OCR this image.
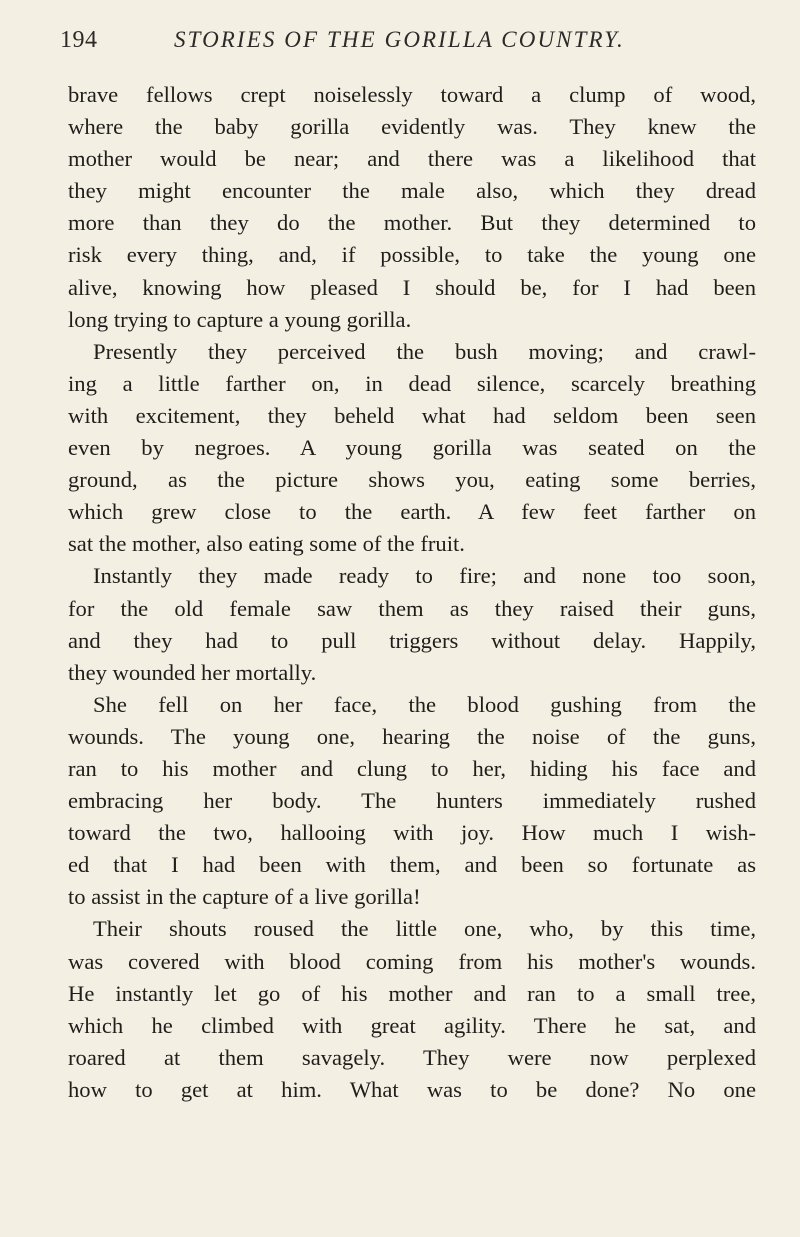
194	STORIES OF THE GORILLA COUNTRY.
brave fellows crept noiselessly toward a clump of wood,
where the baby gorilla evidently was. They knew the
mother would be near; and there was a likelihood that
they might encounter the male also, which they dread
more than they do the mother. But they determined to
risk every thing, and, if possible, to take the young one
alive, knowing how pleased I should be, for I had been
long trying to capture a young gorilla.
Presently they perceived the bush moving; and crawl-
ing a little farther on, in dead silence, scarcely breathing
with excitement, they beheld what had seldom been seen
even by negroes. A young gorilla was seated on the
ground, as the picture shows you, eating some berries,
which grew close to the earth. A few feet farther on
sat the mother, also eating some of the fruit.
Instantly they made ready to fire; and none too soon,
for the old female saw them as they raised their guns,
and they had to pull triggers without delay. Happily,
they wounded her mortally.
She fell on her face, the blood gushing from the
wounds. The young one, hearing the noise of the guns,
ran to his mother and clung to her, hiding his face and
embracing her body. The hunters immediately rushed
toward the two, hallooing with joy. How much I wish-
ed that I had been with them, and been so fortunate as
to assist in the capture of a live gorilla!
Their shouts roused the little one, who, by this time,
was covered with blood coming from his mother's wounds.
He instantly let go of his mother and ran to a small tree,
which he climbed with great agility. There he sat, and
roared at them savagely. They were now perplexed
how to get at him. What was to be done? No one
